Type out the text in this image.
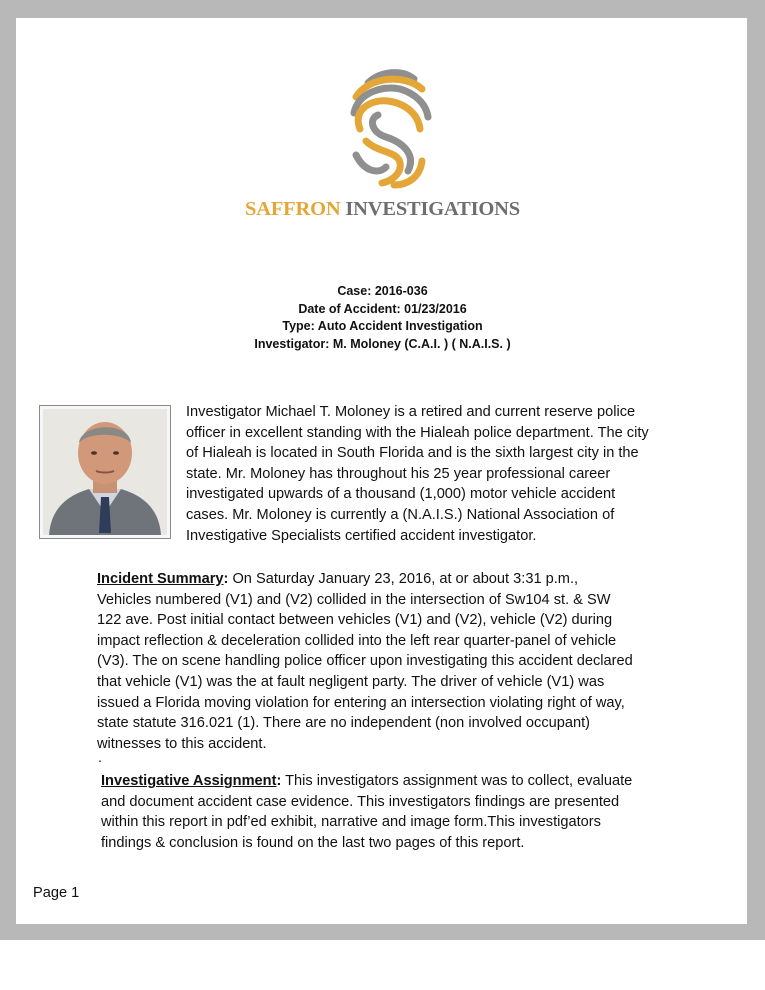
SAFFRON INVESTIGATIONS
Case: 2016-036
Date of Accident: 01/23/2016
Type: Auto Accident Investigation
Investigator: M. Moloney (C.A.I. ) ( N.A.I.S. )
Investigator Michael T. Moloney is a retired and current reserve police
officer in excellent standing with the Hialeah police department. The city
of Hialeah is located in South Florida and is the sixth largest city in the
state. Mr. Moloney has throughout his 25 year professional career
investigated upwards of a thousand (1,000) motor vehicle accident
cases. Mr. Moloney is currently a (N.A.I.S.) National Association of
Investigative Specialists certified accident investigator.
Incident Summary: On Saturday January 23, 2016, at or about 3:31 p.m.,
Vehicles numbered (V1) and (V2) collided in the intersection of Sw104 st. & SW
122 ave. Post initial contact between vehicles (V1) and (V2), vehicle (V2) during
impact reflection & deceleration collided into the left rear quarter-panel of vehicle
(V3). The on scene handling police officer upon investigating this accident declared
that vehicle (V1) was the at fault negligent party. The driver of vehicle (V1) was
issued a Florida moving violation for entering an intersection violating right of way,
state statute 316.021 (1). There are no independent (non involved occupant)
witnesses to this accident.
.
Investigative Assignment: This investigators assignment was to collect, evaluate
and document accident case evidence. This investigators findings are presented
within this report in pdf’ed exhibit, narrative and image form.This investigators
findings & conclusion is found on the last two pages of this report.
Page 1
